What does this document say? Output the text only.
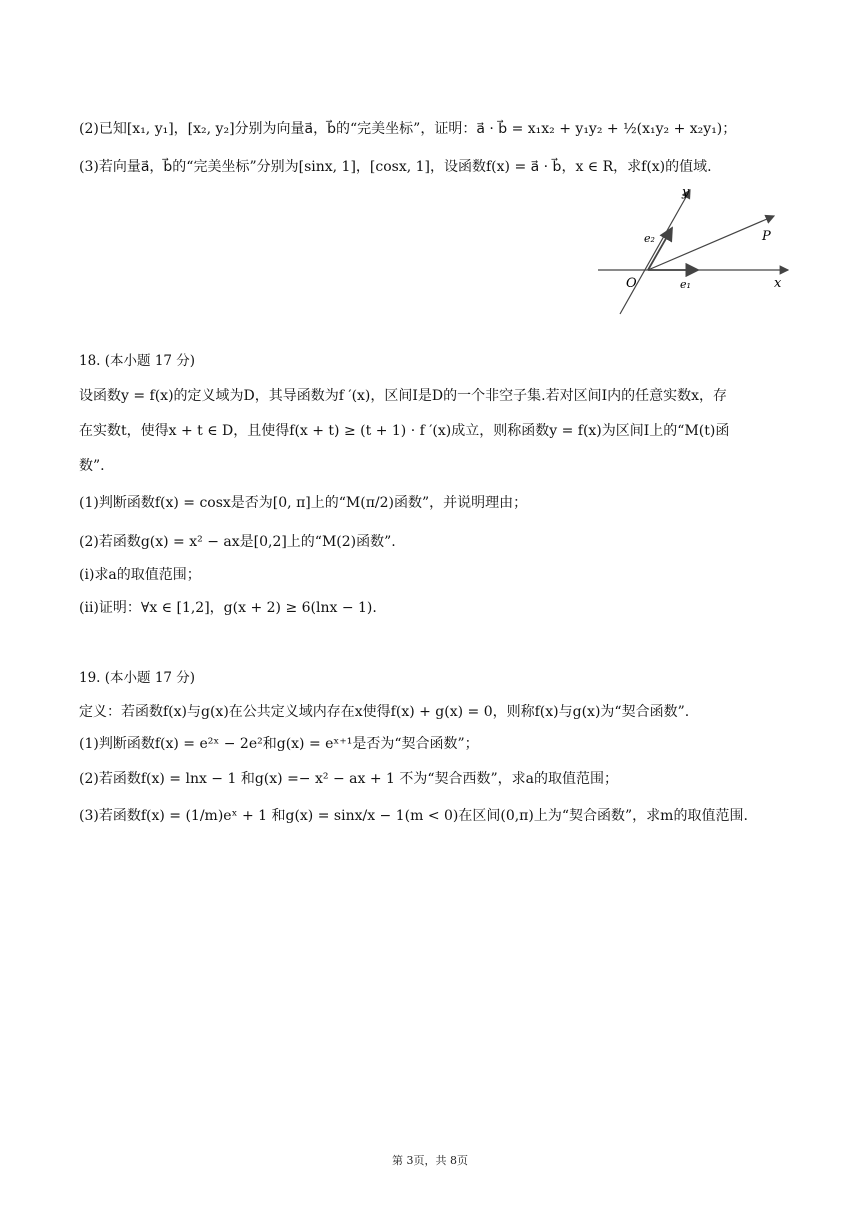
(2)已知[x₁, y₁]，[x₂, y₂]分别为向量a⃗，b⃗的“完美坐标”，证明：a⃗ · b⃗ = x₁x₂ + y₁y₂ + ½(x₁y₂ + x₂y₁)；
(3)若向量a⃗，b⃗的“完美坐标”分别为[sinx, 1]，[cosx, 1]，设函数f(x) = a⃗ · b⃗，x ∈ R，求f(x)的值域.
y
x
P
O	e₁
e₂
18. (本小题 17 分)
设函数y = f(x)的定义域为D，其导函数为f ′(x)，区间I是D的一个非空子集.若对区间I内的任意实数x，存
在实数t，使得x + t ∈ D，且使得f(x + t) ≥ (t + 1) · f ′(x)成立，则称函数y = f(x)为区间I上的“M(t)函
数”.
(1)判断函数f(x) = cosx是否为[0, π]上的“M(π/2)函数”，并说明理由；
(2)若函数g(x) = x² − ax是[0,2]上的“M(2)函数”.
(i)求a的取值范围；
(ii)证明：∀x ∈ [1,2]，g(x + 2) ≥ 6(lnx − 1).
19. (本小题 17 分)
定义：若函数f(x)与g(x)在公共定义域内存在x使得f(x) + g(x) = 0，则称f(x)与g(x)为“契合函数”.
(1)判断函数f(x) = e²ˣ − 2e²和g(x) = eˣ⁺¹是否为“契合函数”；
(2)若函数f(x) = lnx − 1 和g(x) =− x² − ax + 1 不为“契合西数”，求a的取值范围；
(3)若函数f(x) = (1/m)eˣ + 1 和g(x) = sinx/x − 1(m < 0)在区间(0,π)上为“契合函数”，求m的取值范围.
第 3页，共 8页
